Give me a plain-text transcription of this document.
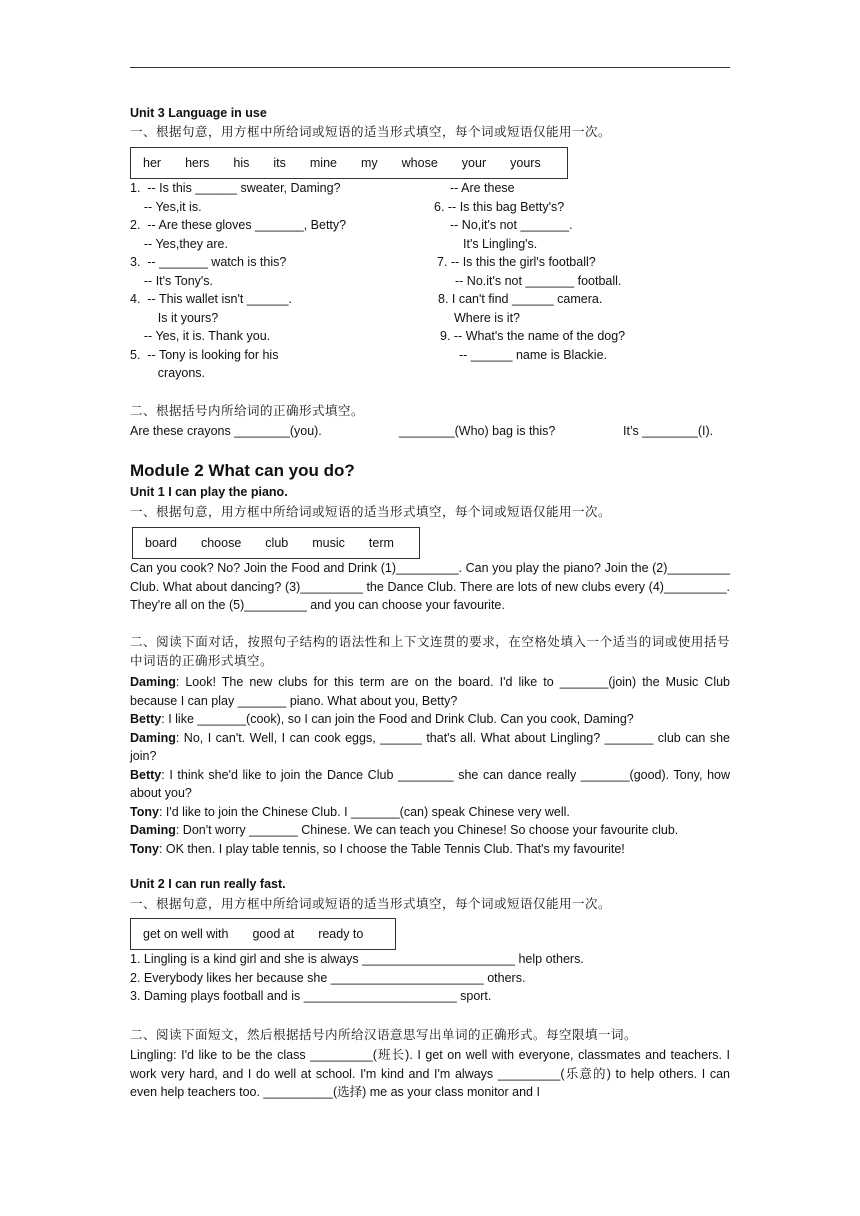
Unit 3 Language in use
一、根据句意，用方框中所给词或短语的适当形式填空，每个词或短语仅能用一次。
her	hers	his	its	mine	my	whose	your	yours
1.  -- Is this ______ sweater, Daming?
-- Yes,it is.
2.  -- Are these gloves _______, Betty?
-- Yes,they are.
3.  -- _______ watch is this?
-- It's Tony's.
4.  -- This wallet isn't ______.
Is it yours?
-- Yes, it is. Thank you.
5.  -- Tony is looking for his
crayons.
-- Are these
6. -- Is this bag Betty's?
-- No,it's not _______.
It's Lingling's.
7. -- Is this the girl's football?
-- No.it's not _______ football.
8. I can't find ______ camera.
Where is it?
9. -- What's the name of the dog?
-- ______ name is Blackie.
二、根据括号内所给词的正确形式填空。
Are these crayons ________(you).	________(Who) bag is this?	It’s ________(I).
Module 2 What can you do?
Unit 1 I can play the piano.
一、根据句意，用方框中所给词或短语的适当形式填空，每个词或短语仅能用一次。
board	choose	club	music	term
Can you cook? No? Join the Food and Drink (1)_________. Can you play the piano? Join the (2)_________ Club. What about dancing? (3)_________ the Dance Club. There are lots of new clubs every (4)_________. They're all on the (5)_________ and you can choose your favourite.
二、阅读下面对话，按照句子结构的语法性和上下文连贯的要求，在空格处填入一个适当的词或使用括号中词语的正确形式填空。

Daming: Look! The new clubs for this term are on the board. I'd like to _______(join) the Music Club because I can play _______ piano. What about you, Betty?

Betty: I like _______(cook), so I can join the Food and Drink Club. Can you cook, Daming?

Daming: No, I can't. Well, I can cook eggs, ______ that's all. What about Lingling? _______ club can she join?

Betty: I think she'd like to join the Dance Club ________ she can dance really _______(good). Tony, how about you?

Tony: I'd like to join the Chinese Club. I _______(can) speak Chinese very well.

Daming: Don't worry _______ Chinese. We can teach you Chinese! So choose your favourite club.

Tony: OK then. I play table tennis, so I choose the Table Tennis Club. That's my favourite!

Unit 2 I can run really fast.
一、根据句意，用方框中所给词或短语的适当形式填空，每个词或短语仅能用一次。
get on well with	good at	ready to
1. Lingling is a kind girl and she is always ______________________ help others.
2. Everybody likes her because she ______________________ others.
3. Daming plays football and is ______________________ sport.
二、阅读下面短文，然后根据括号内所给汉语意思写出单词的正确形式。每空限填一词。
Lingling: I'd like to be the class _________(班长). I get on well with everyone, classmates and teachers. I work very hard, and I do well at school. I'm kind and I'm always _________(乐意的) to help others. I can even help teachers too. __________(选择) me as your class monitor and I
